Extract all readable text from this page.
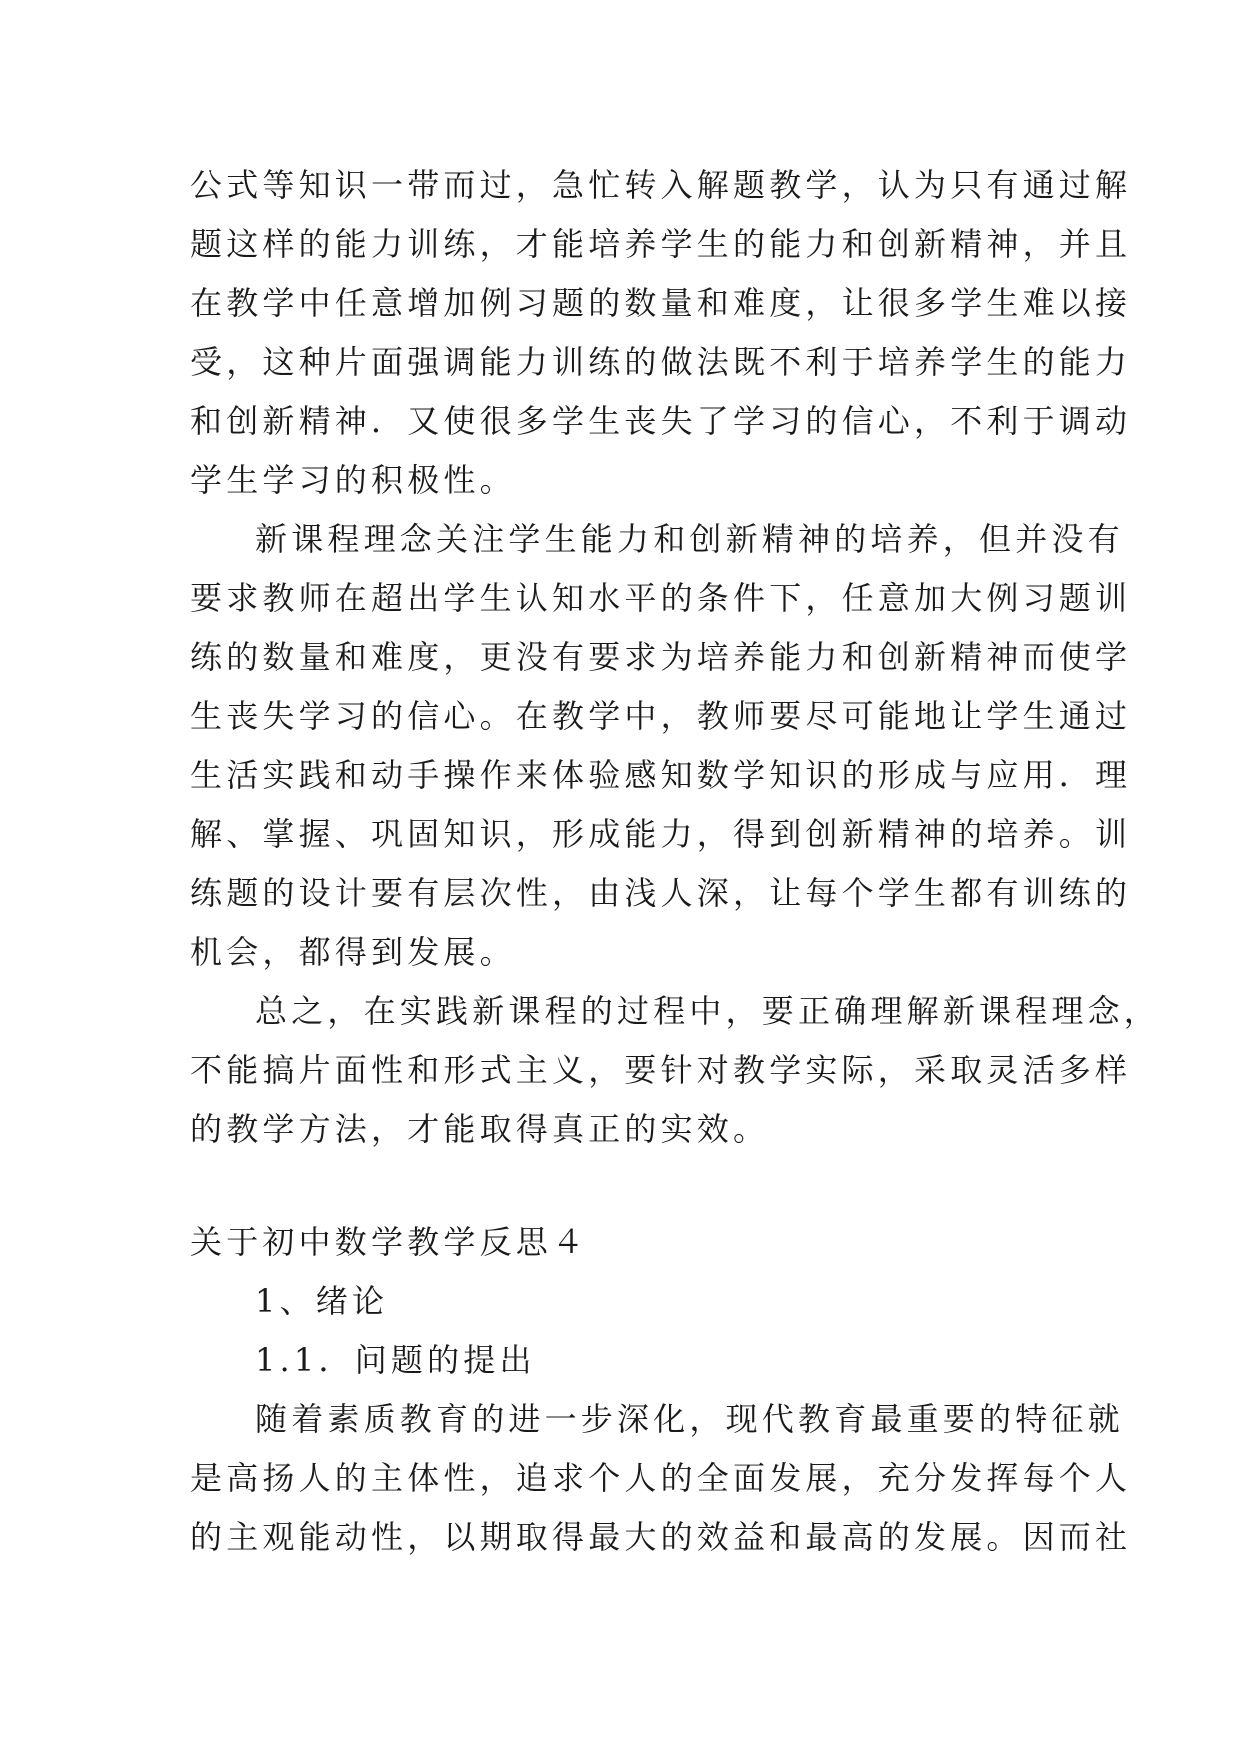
公式等知识一带而过，急忙转入解题教学，认为只有通过解
题这样的能力训练，才能培养学生的能力和创新精神，并且
在教学中任意增加例习题的数量和难度，让很多学生难以接
受，这种片面强调能力训练的做法既不利于培养学生的能力
和创新精神．又使很多学生丧失了学习的信心，不利于调动
学生学习的积极性。
新课程理念关注学生能力和创新精神的培养，但并没有
要求教师在超出学生认知水平的条件下，任意加大例习题训
练的数量和难度，更没有要求为培养能力和创新精神而使学
生丧失学习的信心。在教学中，教师要尽可能地让学生通过
生活实践和动手操作来体验感知数学知识的形成与应用．理
解、掌握、巩固知识，形成能力，得到创新精神的培养。训
练题的设计要有层次性，由浅人深，让每个学生都有训练的
机会，都得到发展。
总之，在实践新课程的过程中，要正确理解新课程理念，
不能搞片面性和形式主义，要针对教学实际，采取灵活多样
的教学方法，才能取得真正的实效。
关于初中数学教学反思４
1、绪论
1.1．问题的提出
随着素质教育的进一步深化，现代教育最重要的特征就
是高扬人的主体性，追求个人的全面发展，充分发挥每个人
的主观能动性，以期取得最大的效益和最高的发展。因而社
